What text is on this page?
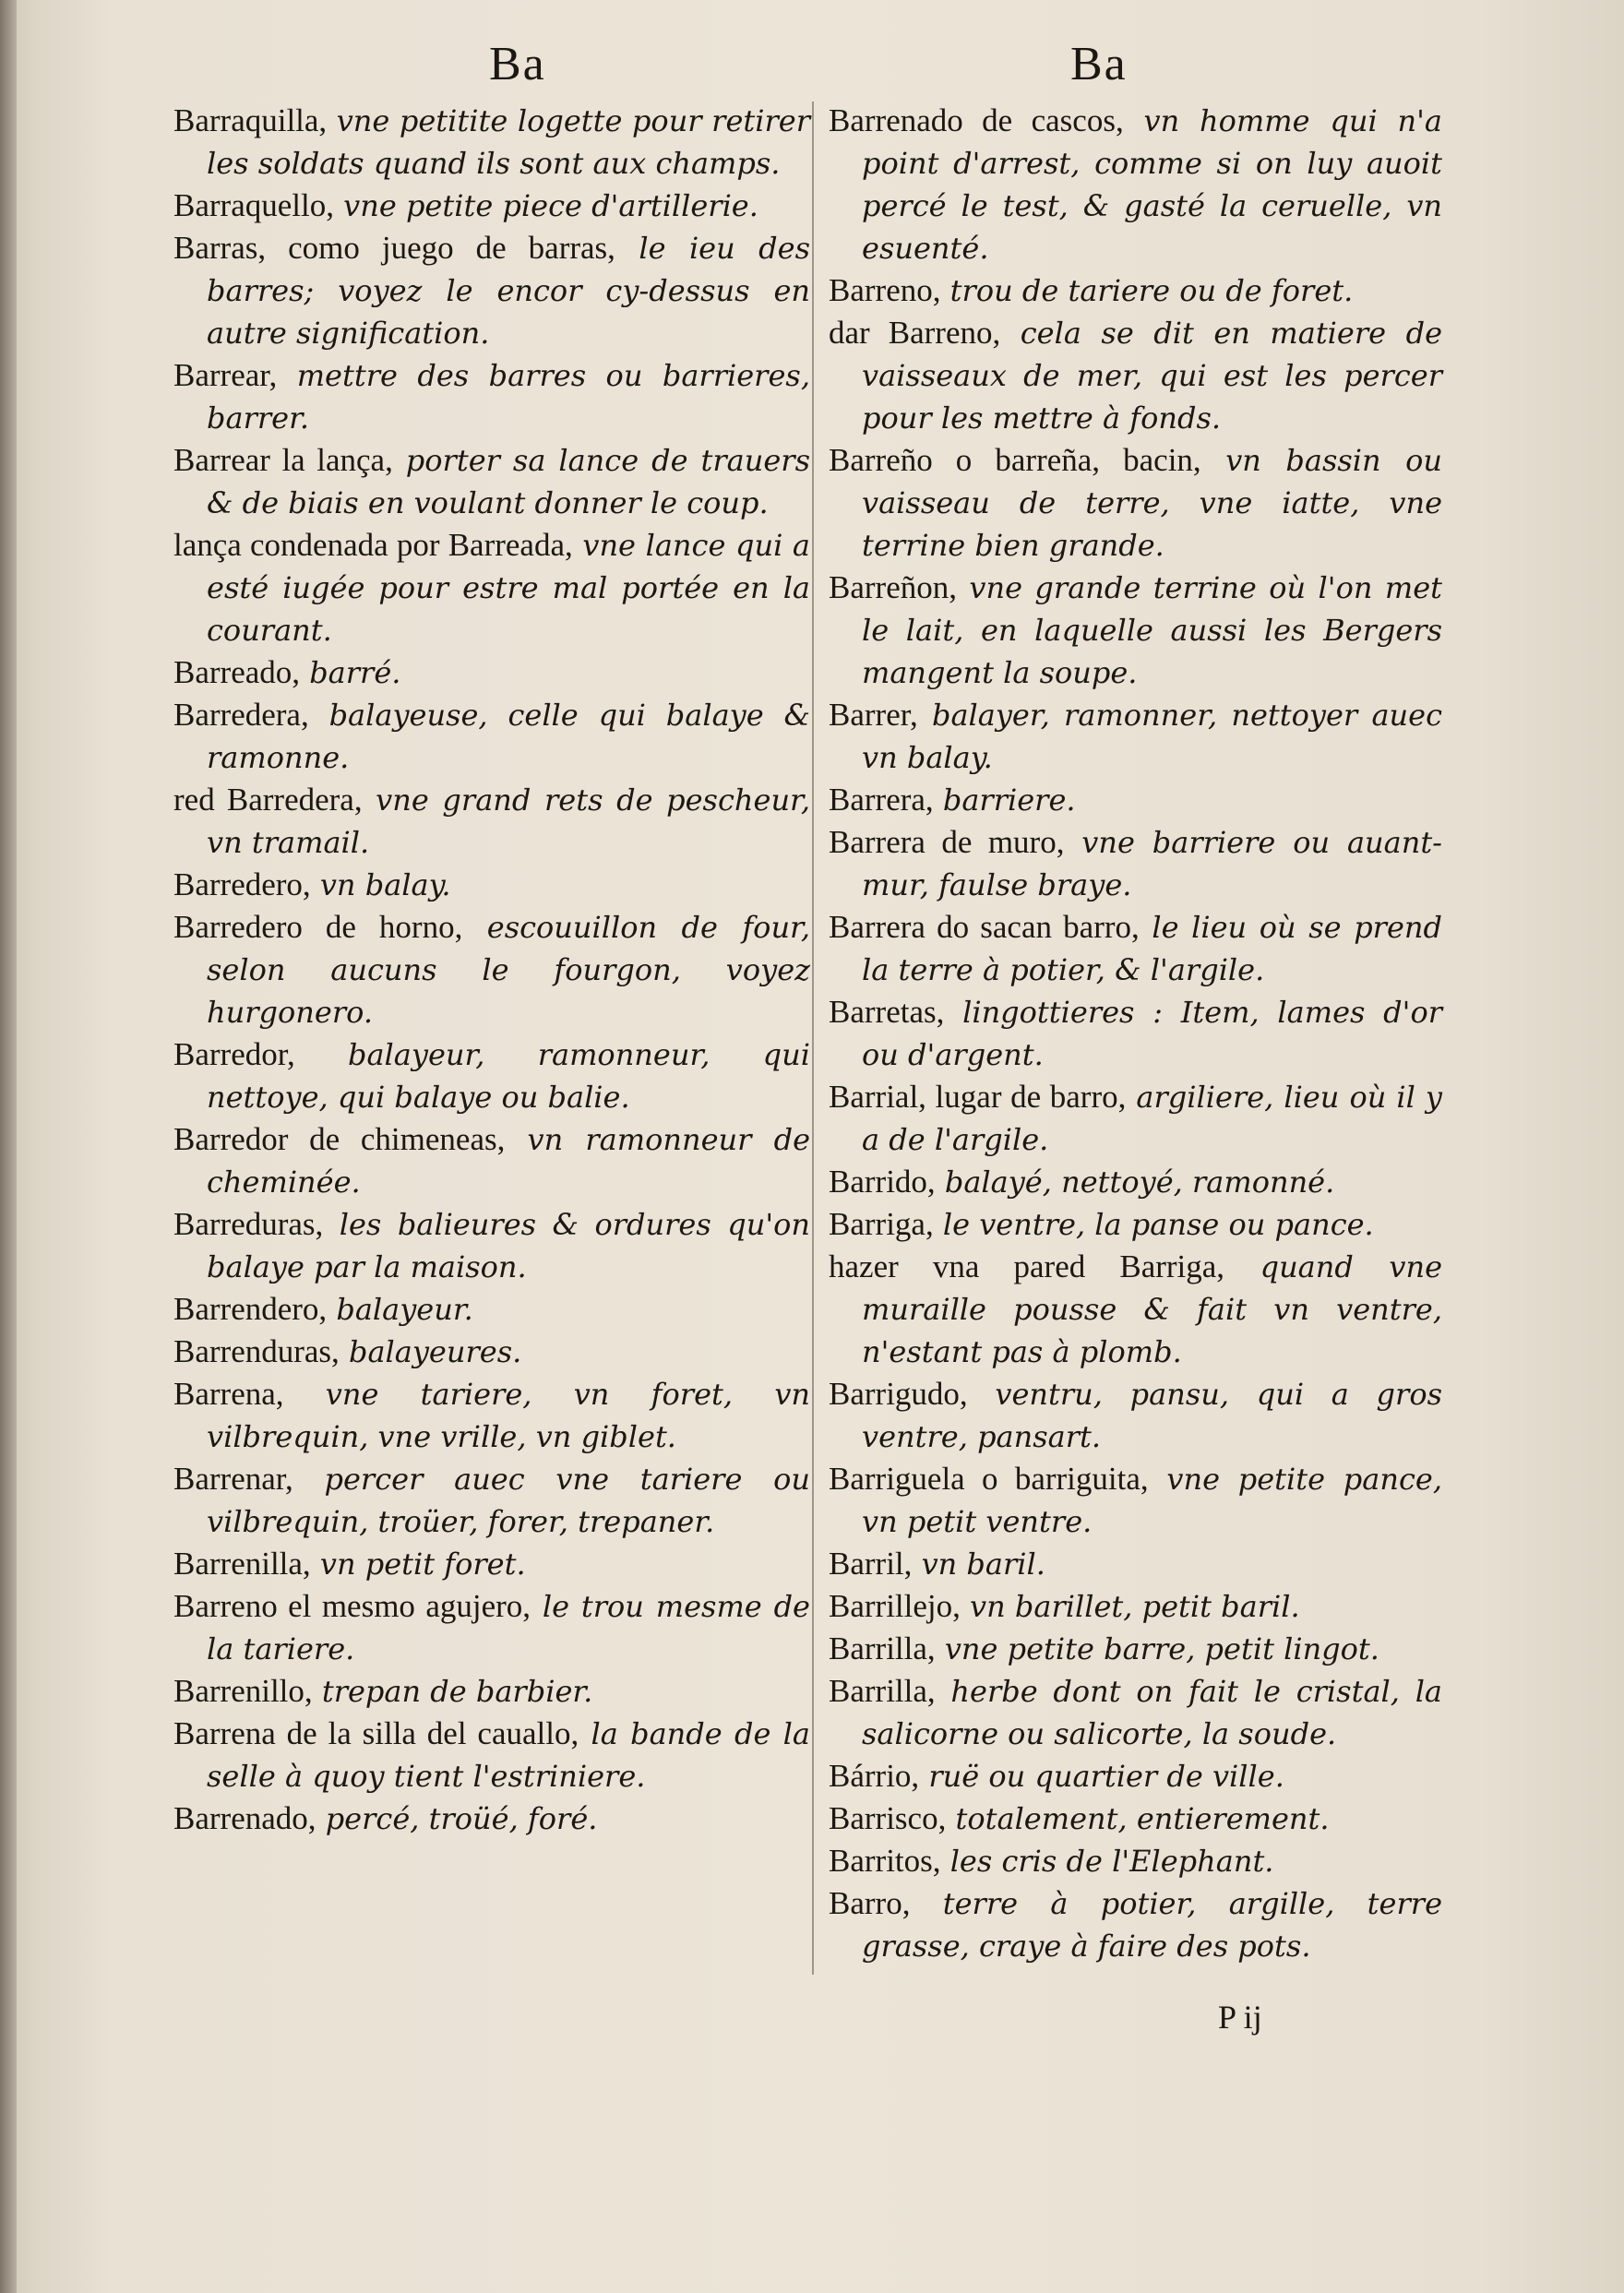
Ba	Ba

Barraquilla, vne petitite logette pour retirer les soldats quand ils sont aux champs.

Barraquello, vne petite piece d'artillerie.

Barras, como juego de barras, le ieu des barres; voyez le encor cy-dessus en autre signification.

Barrear, mettre des barres ou barrieres, barrer.

Barrear la lança, porter sa lance de trauers & de biais en voulant donner le coup.

lança condenada por Barreada, vne lance qui a esté iugée pour estre mal portée en la courant.

Barreado, barré.

Barredera, balayeuse, celle qui balaye & ramonne.

red Barredera, vne grand rets de pescheur, vn tramail.

Barredero, vn balay.

Barredero de horno, escouuillon de four, selon aucuns le fourgon, voyez hurgonero.

Barredor, balayeur, ramonneur, qui nettoye, qui balaye ou balie.

Barredor de chimeneas, vn ramonneur de cheminée.

Barreduras, les balieures & ordures qu'on balaye par la maison.

Barrendero, balayeur.

Barrenduras, balayeures.

Barrena, vne tariere, vn foret, vn vilbrequin, vne vrille, vn giblet.

Barrenar, percer auec vne tariere ou vilbrequin, troüer, forer, trepaner.

Barrenilla, vn petit foret.

Barreno el mesmo agujero, le trou mesme de la tariere.

Barrenillo, trepan de barbier.

Barrena de la silla del cauallo, la bande de la selle à quoy tient l'estriniere.

Barrenado, percé, troüé, foré.

Barrenado de cascos, vn homme qui n'a point d'arrest, comme si on luy auoit percé le test, & gasté la ceruelle, vn esuenté.

Barreno, trou de tariere ou de foret.

dar Barreno, cela se dit en matiere de vaisseaux de mer, qui est les percer pour les mettre à fonds.

Barreño o barreña, bacin, vn bassin ou vaisseau de terre, vne iatte, vne terrine bien grande.

Barreñon, vne grande terrine où l'on met le lait, en laquelle aussi les Bergers mangent la soupe.

Barrer, balayer, ramonner, nettoyer auec vn balay.

Barrera, barriere.

Barrera de muro, vne barriere ou auant-mur, faulse braye.

Barrera do sacan barro, le lieu où se prend la terre à potier, & l'argile.

Barretas, lingottieres : Item, lames d'or ou d'argent.

Barrial, lugar de barro, argiliere, lieu où il y a de l'argile.

Barrido, balayé, nettoyé, ramonné.

Barriga, le ventre, la panse ou pance.

hazer vna pared Barriga, quand vne muraille pousse & fait vn ventre, n'estant pas à plomb.

Barrigudo, ventru, pansu, qui a gros ventre, pansart.

Barriguela o barriguita, vne petite pance, vn petit ventre.

Barril, vn baril.

Barrillejo, vn barillet, petit baril.

Barrilla, vne petite barre, petit lingot.

Barrilla, herbe dont on fait le cristal, la salicorne ou salicorte, la soude.

Bárrio, ruë ou quartier de ville.

Barrisco, totalement, entierement.

Barritos, les cris de l'Elephant.

Barro, terre à potier, argille, terre grasse, craye à faire des pots.

P ij
